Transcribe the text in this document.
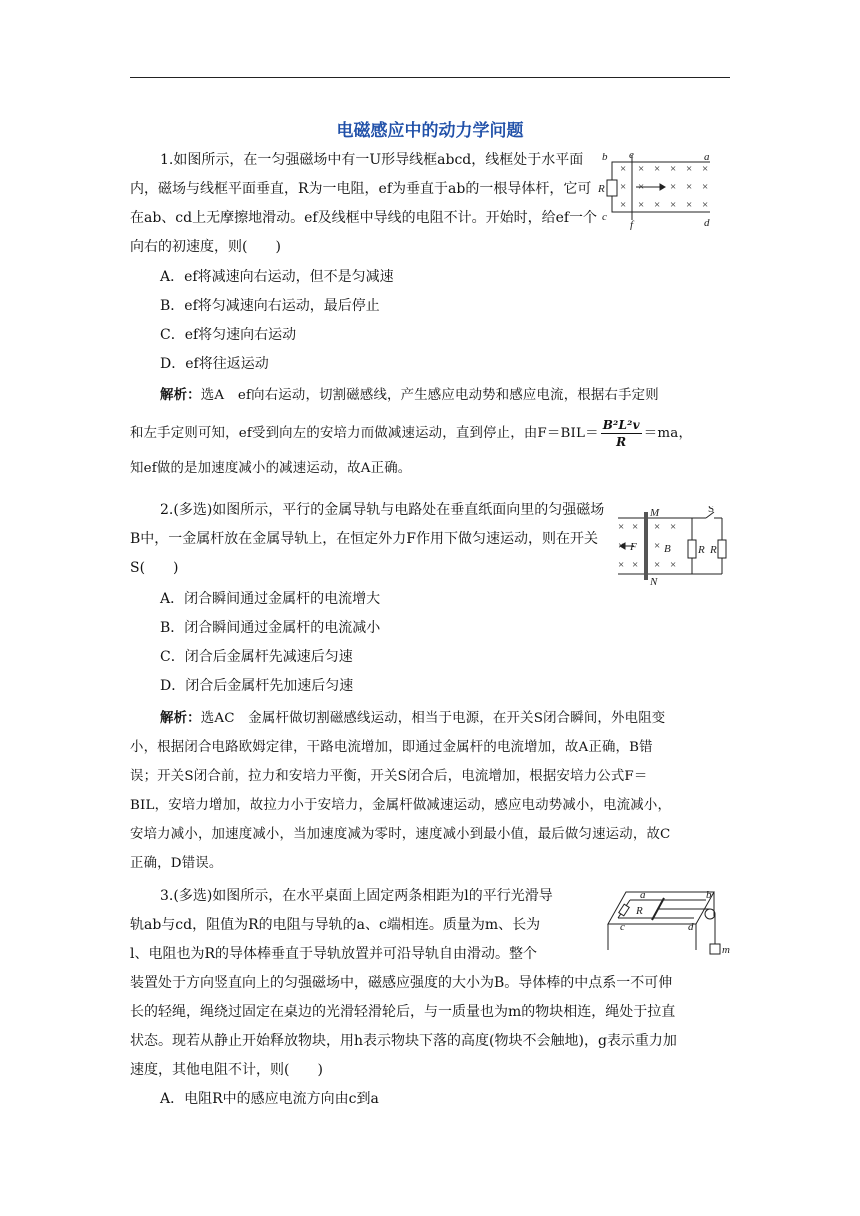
电磁感应中的动力学问题

1.如图所示，在一匀强磁场中有一U形导线框abcd，线框处于水平面内，磁场与线框平面垂直，R为一电阻，ef为垂直于ab的一根导体杆，它可在ab、cd上无摩擦地滑动。ef及线框中导线的电阻不计。开始时，给ef一个向右的初速度，则(　　)

A．ef将减速向右运动，但不是匀减速

B．ef将匀减速向右运动，最后停止

C．ef将匀速向右运动

D．ef将往返运动

解析：选A　 ef向右运动，切割磁感线，产生感应电动势和感应电流，根据右手定则

和左手定则可知，ef受到向左的安培力而做减速运动，直到停止，由$F=BIL= \frac{\text{B²L²v}}{R} =ma$，

知ef做的是加速度减小的减速运动，故A正确。

× × × × × ×
× × × × ×
× × × × × ×
b e	a
R
c
f	d

2.(多选)如图所示，平行的金属导轨与电路处在垂直纸面向里的匀强磁场B中，一金属杆放在金属导轨上，在恒定外力F作用下做匀速运动，则在开关S(　　)

A．闭合瞬间通过金属杆的电流增大

B．闭合瞬间通过金属杆的电流减小

C．闭合后金属杆先减速后匀速

D．闭合后金属杆先加速后匀速

解析：选AC　 金属杆做切割磁感线运动，相当于电源，在开关S闭合瞬间，外电阻变

小，根据闭合电路欧姆定律，干路电流增加，即通过金属杆的电流增加，故A正确，B错

误；开关S闭合前，拉力和安培力平衡，开关S闭合后，电流增加，根据安培力公式F＝

BIL，安培力增加，故拉力小于安培力，金属杆做减速运动，感应电动势减小，电流减小，

安培力减小，加速度减小，当加速度减为零时，速度减小到最小值，最后做匀速运动，故C

正确，D错误。

× × × ×
×	×
× × × ×
M
N
F B R R
S

3.(多选)如图所示，在水平桌面上固定两条相距为l的平行光滑导

轨ab与cd，阻值为R的电阻与导轨的a、c端相连。质量为m、长为

l、电阻也为R的导体棒垂直于导轨放置并可沿导轨自由滑动。整个

装置处于方向竖直向上的匀强磁场中，磁感应强度的大小为B。导体棒的中点系一不可伸

长的轻绳，绳绕过固定在桌边的光滑轻滑轮后，与一质量也为m的物块相连，绳处于拉直

状态。现若从静止开始释放物块，用h表示物块下落的高度(物块不会触地)，g表示重力加

速度，其他电阻不计，则(　　)

A．电阻R中的感应电流方向由c到a

a
R
c
b
d
m
